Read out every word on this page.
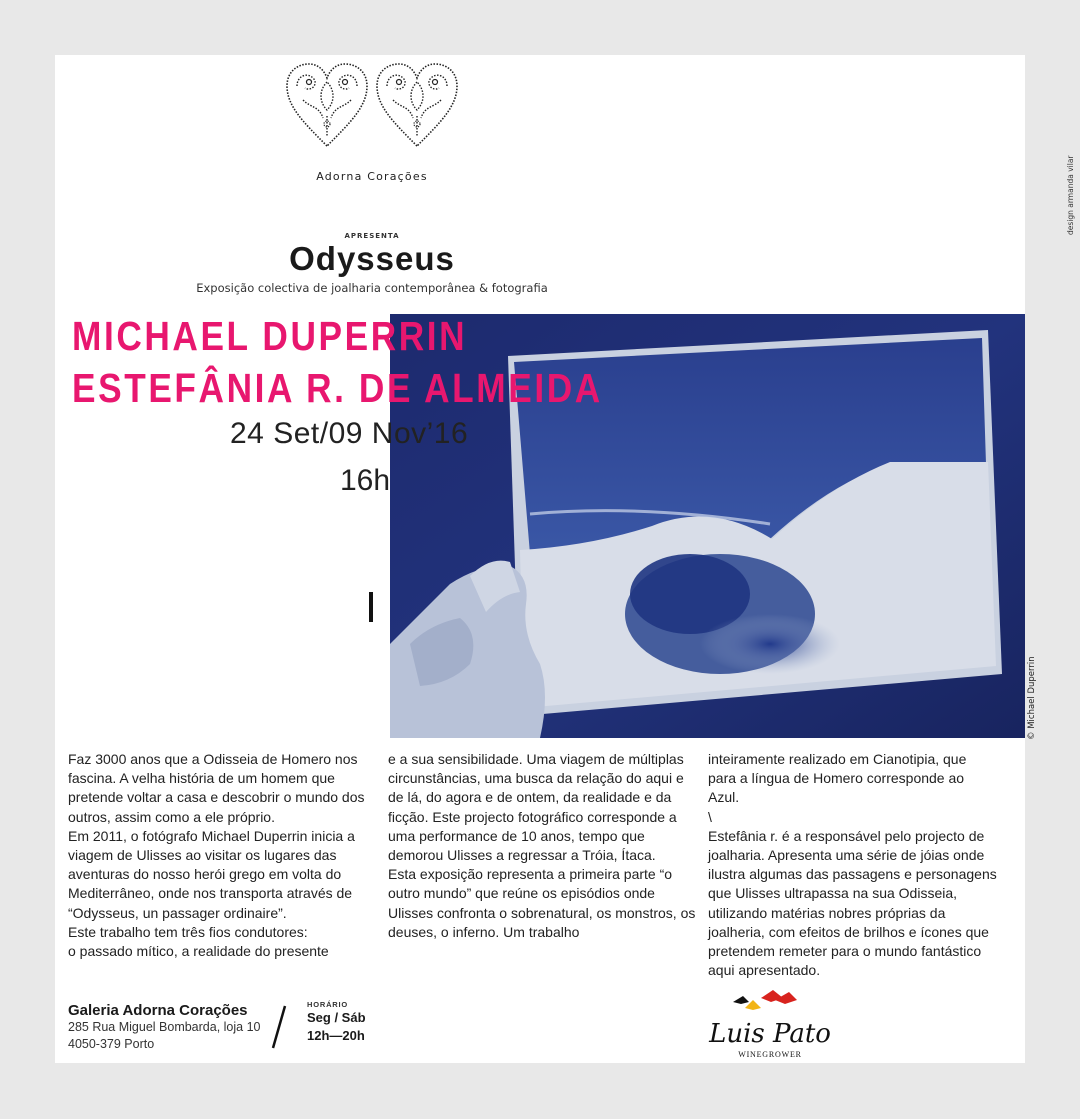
Adorna Corações
APRESENTA
Odysseus
Exposição colectiva de joalharia contemporânea & fotografia
MICHAEL DUPERRIN
ESTEFÂNIA R. DE ALMEIDA
24 Set/09 Nov’16
16h
© Michael Duperrin
design armanda vilar

Faz 3000 anos que a Odisseia de Homero nos fascina. A velha história de um homem que pretende voltar a casa e descobrir o mundo dos outros, assim como a ele próprio.

Em 2011, o fotógrafo Michael Duperrin inicia a viagem de Ulisses ao visitar os lugares das aventuras do nosso herói grego em volta do Mediterrâneo, onde nos transporta através de “Odysseus, un passager ordinaire”.

Este trabalho tem três fios condutores:

o passado mítico, a realidade do presente

e a sua sensibilidade. Uma viagem de múltiplas circunstâncias, uma busca da relação do aqui e de lá, do agora e de ontem, da realidade e da ficção. Este projecto fotográfico corresponde a uma performance de 10 anos, tempo que demorou Ulisses a regressar a Tróia, Ítaca.

Esta exposição representa a primeira parte “o outro mundo” que reúne os episódios onde Ulisses confronta o sobrenatural, os monstros, os deuses, o inferno. Um trabalho

inteiramente realizado em Cianotipia, que para a língua de Homero corresponde ao Azul.

\

Estefânia r. é a responsável pelo projecto de joalharia. Apresenta uma série de jóias onde ilustra algumas das passagens e personagens que Ulisses ultrapassa na sua Odisseia, utilizando matérias nobres próprias da joalheria, com efeitos de brilhos e ícones que pretendem remeter para o mundo fantástico aqui apresentado.

Galeria Adorna Corações
285 Rua Miguel Bombarda, loja 10
4050-379 Porto
HORÁRIO
Seg / Sáb
12h—20h	Luis Pato
WINEGROWER
